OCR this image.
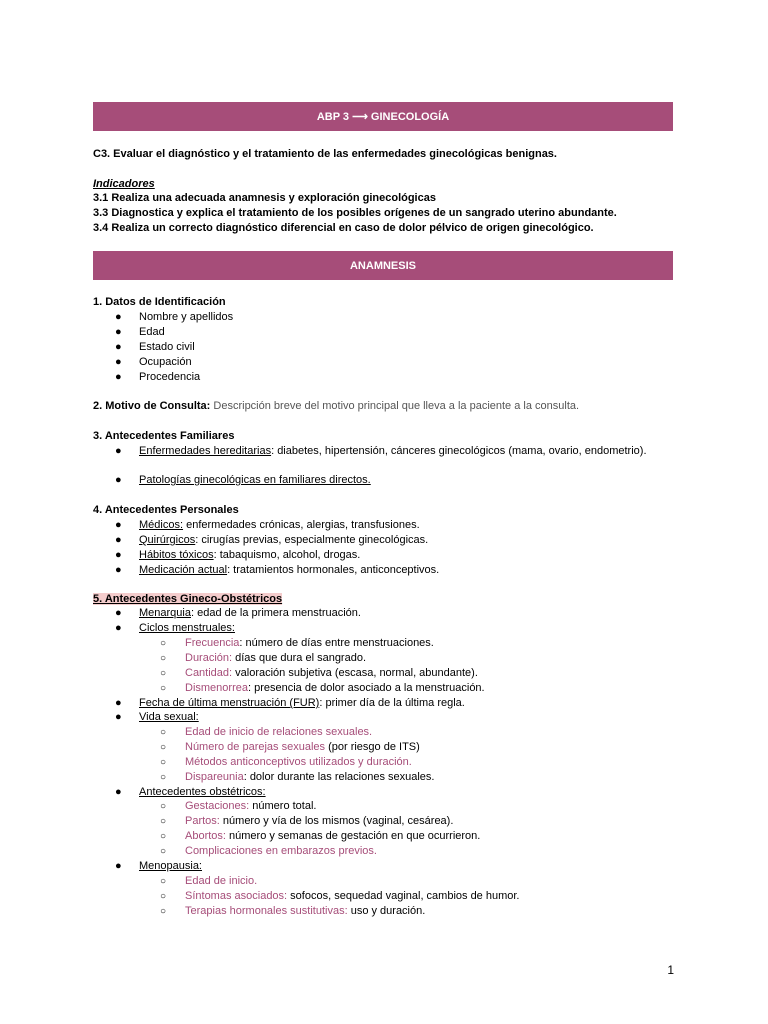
ABP 3 ⟶ GINECOLOGÍA
C3. Evaluar el diagnóstico y el tratamiento de las enfermedades ginecológicas benignas.
Indicadores
3.1 Realiza una adecuada anamnesis y exploración ginecológicas
3.3 Diagnostica y explica el tratamiento de los posibles orígenes de un sangrado uterino abundante.
3.4 Realiza un correcto diagnóstico diferencial en caso de dolor pélvico de origen ginecológico.
ANAMNESIS
1. Datos de Identificación
● Nombre y apellidos
● Edad
● Estado civil
● Ocupación
● Procedencia
2. Motivo de Consulta: Descripción breve del motivo principal que lleva a la paciente a la consulta.
3. Antecedentes Familiares
● Enfermedades hereditarias: diabetes, hipertensión, cánceres ginecológicos (mama, ovario, endometrio).
● Patologías ginecológicas en familiares directos.
4. Antecedentes Personales
● Médicos: enfermedades crónicas, alergias, transfusiones.
● Quirúrgicos: cirugías previas, especialmente ginecológicas.
● Hábitos tóxicos: tabaquismo, alcohol, drogas.
● Medicación actual: tratamientos hormonales, anticonceptivos.
5. Antecedentes Gineco-Obstétricos
● Menarquia: edad de la primera menstruación.
● Ciclos menstruales:
○ Frecuencia: número de días entre menstruaciones.
○ Duración: días que dura el sangrado.
○ Cantidad: valoración subjetiva (escasa, normal, abundante).
○ Dismenorrea: presencia de dolor asociado a la menstruación.
● Fecha de última menstruación (FUR): primer día de la última regla.
● Vida sexual:
○ Edad de inicio de relaciones sexuales.
○ Número de parejas sexuales (por riesgo de ITS)
○ Métodos anticonceptivos utilizados y duración.
○ Dispareunia: dolor durante las relaciones sexuales.
● Antecedentes obstétricos:
○ Gestaciones: número total.
○ Partos: número y vía de los mismos (vaginal, cesárea).
○ Abortos: número y semanas de gestación en que ocurrieron.
○ Complicaciones en embarazos previos.
● Menopausia:
○ Edad de inicio.
○ Síntomas asociados: sofocos, sequedad vaginal, cambios de humor.
○ Terapias hormonales sustitutivas: uso y duración.
1
